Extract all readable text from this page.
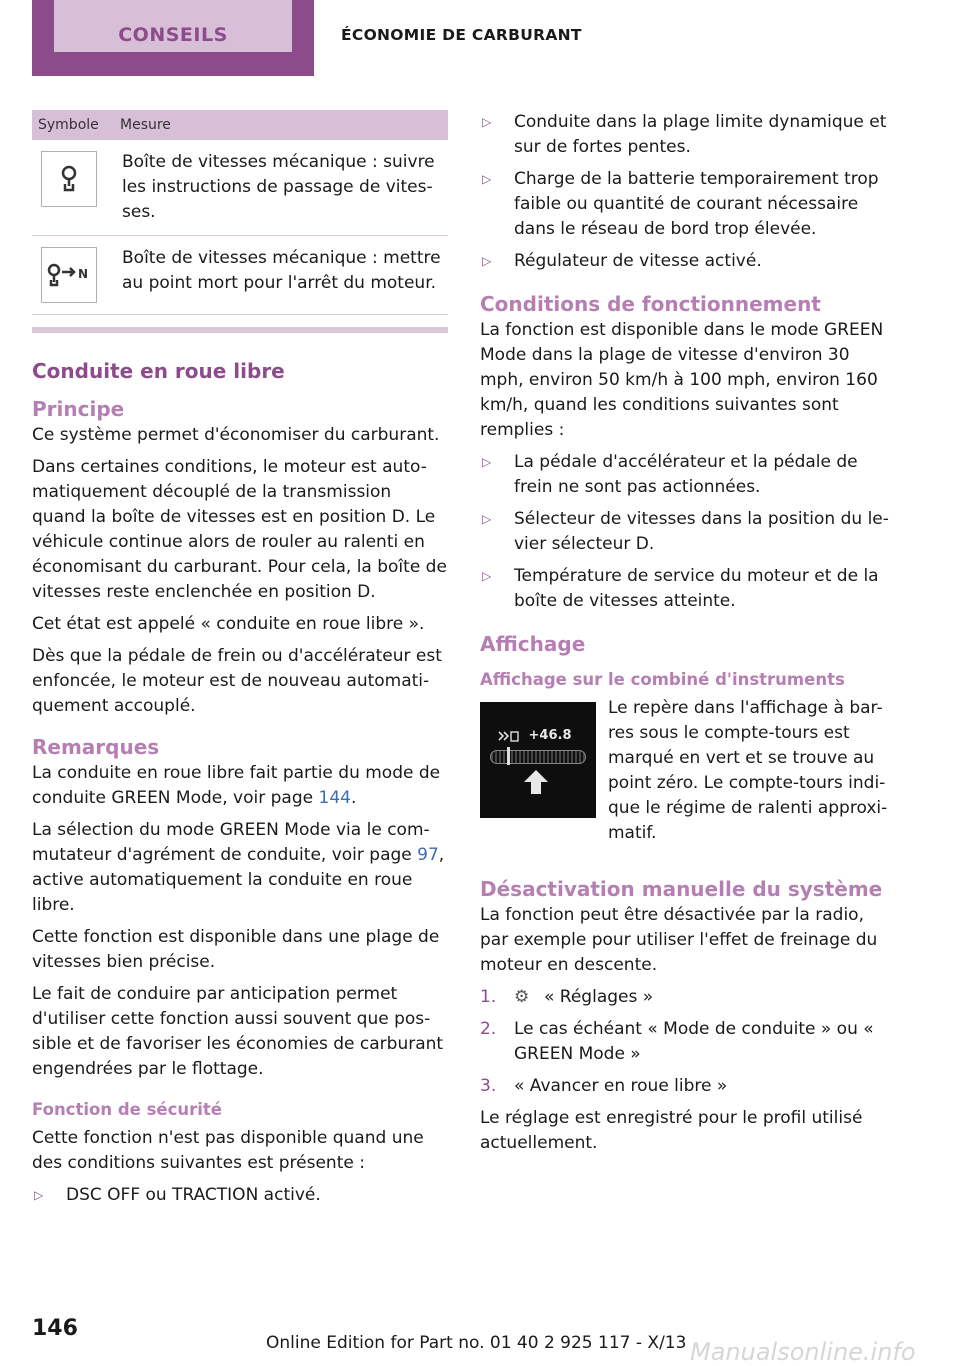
CONSEILS	ÉCONOMIE DE CARBURANT
Symbole	Mesure

	Boîte de vitesses mécanique : suivre les instructions de passage de vites-ses.

N	Boîte de vitesses mécanique : mettre au point mort pour l'arrêt du moteur.
Conduite en roue libre
Principe

Ce système permet d'économiser du carburant.

Dans certaines conditions, le moteur est auto-matiquement découplé de la transmission quand la boîte de vitesses est en position D. Le véhicule continue alors de rouler au ralenti en économisant du carburant. Pour cela, la boîte de vitesses reste enclenchée en position D.

Cet état est appelé « conduite en roue libre ».

Dès que la pédale de frein ou d'accélérateur est enfoncée, le moteur est de nouveau automati-quement accouplé.

Remarques

La conduite en roue libre fait partie du mode de conduite GREEN Mode, voir page 144.

La sélection du mode GREEN Mode via le com-mutateur d'agrément de conduite, voir page 97, active automatiquement la conduite en roue libre.

Cette fonction est disponible dans une plage de vitesses bien précise.

Le fait de conduire par anticipation permet d'utiliser cette fonction aussi souvent que pos-sible et de favoriser les économies de carburant engendrées par le flottage.

Fonction de sécurité

Cette fonction n'est pas disponible quand une des conditions suivantes est présente :

▷ DSC OFF ou TRACTION activé.
▷ Conduite dans la plage limite dynamique et sur de fortes pentes.
▷ Charge de la batterie temporairement trop faible ou quantité de courant nécessaire dans le réseau de bord trop élevée.
▷ Régulateur de vitesse activé.
Conditions de fonctionnement

La fonction est disponible dans le mode GREEN Mode dans la plage de vitesse d'environ 30 mph, environ 50 km/h à 100 mph, environ 160 km/h, quand les conditions suivantes sont remplies :

▷ La pédale d'accélérateur et la pédale de frein ne sont pas actionnées.
▷ Sélecteur de vitesses dans la position du le-vier sélecteur D.
▷ Température de service du moteur et de la boîte de vitesses atteinte.
Affichage
Affichage sur le combiné d'instruments
+46.8

Le repère dans l'affichage à bar-res sous le compte-tours est marqué en vert et se trouve au point zéro. Le compte-tours indi-que le régime de ralenti approxi-matif.

Désactivation manuelle du système

La fonction peut être désactivée par la radio, par exemple pour utiliser l'effet de freinage du moteur en descente.

1. ⚙ « Réglages »
2. Le cas échéant « Mode de conduite » ou « GREEN Mode »
3. « Avancer en roue libre »

Le réglage est enregistré pour le profil utilisé actuellement.

146
Online Edition for Part no. 01 40 2 925 117 - X/13 Manualsonline.info
